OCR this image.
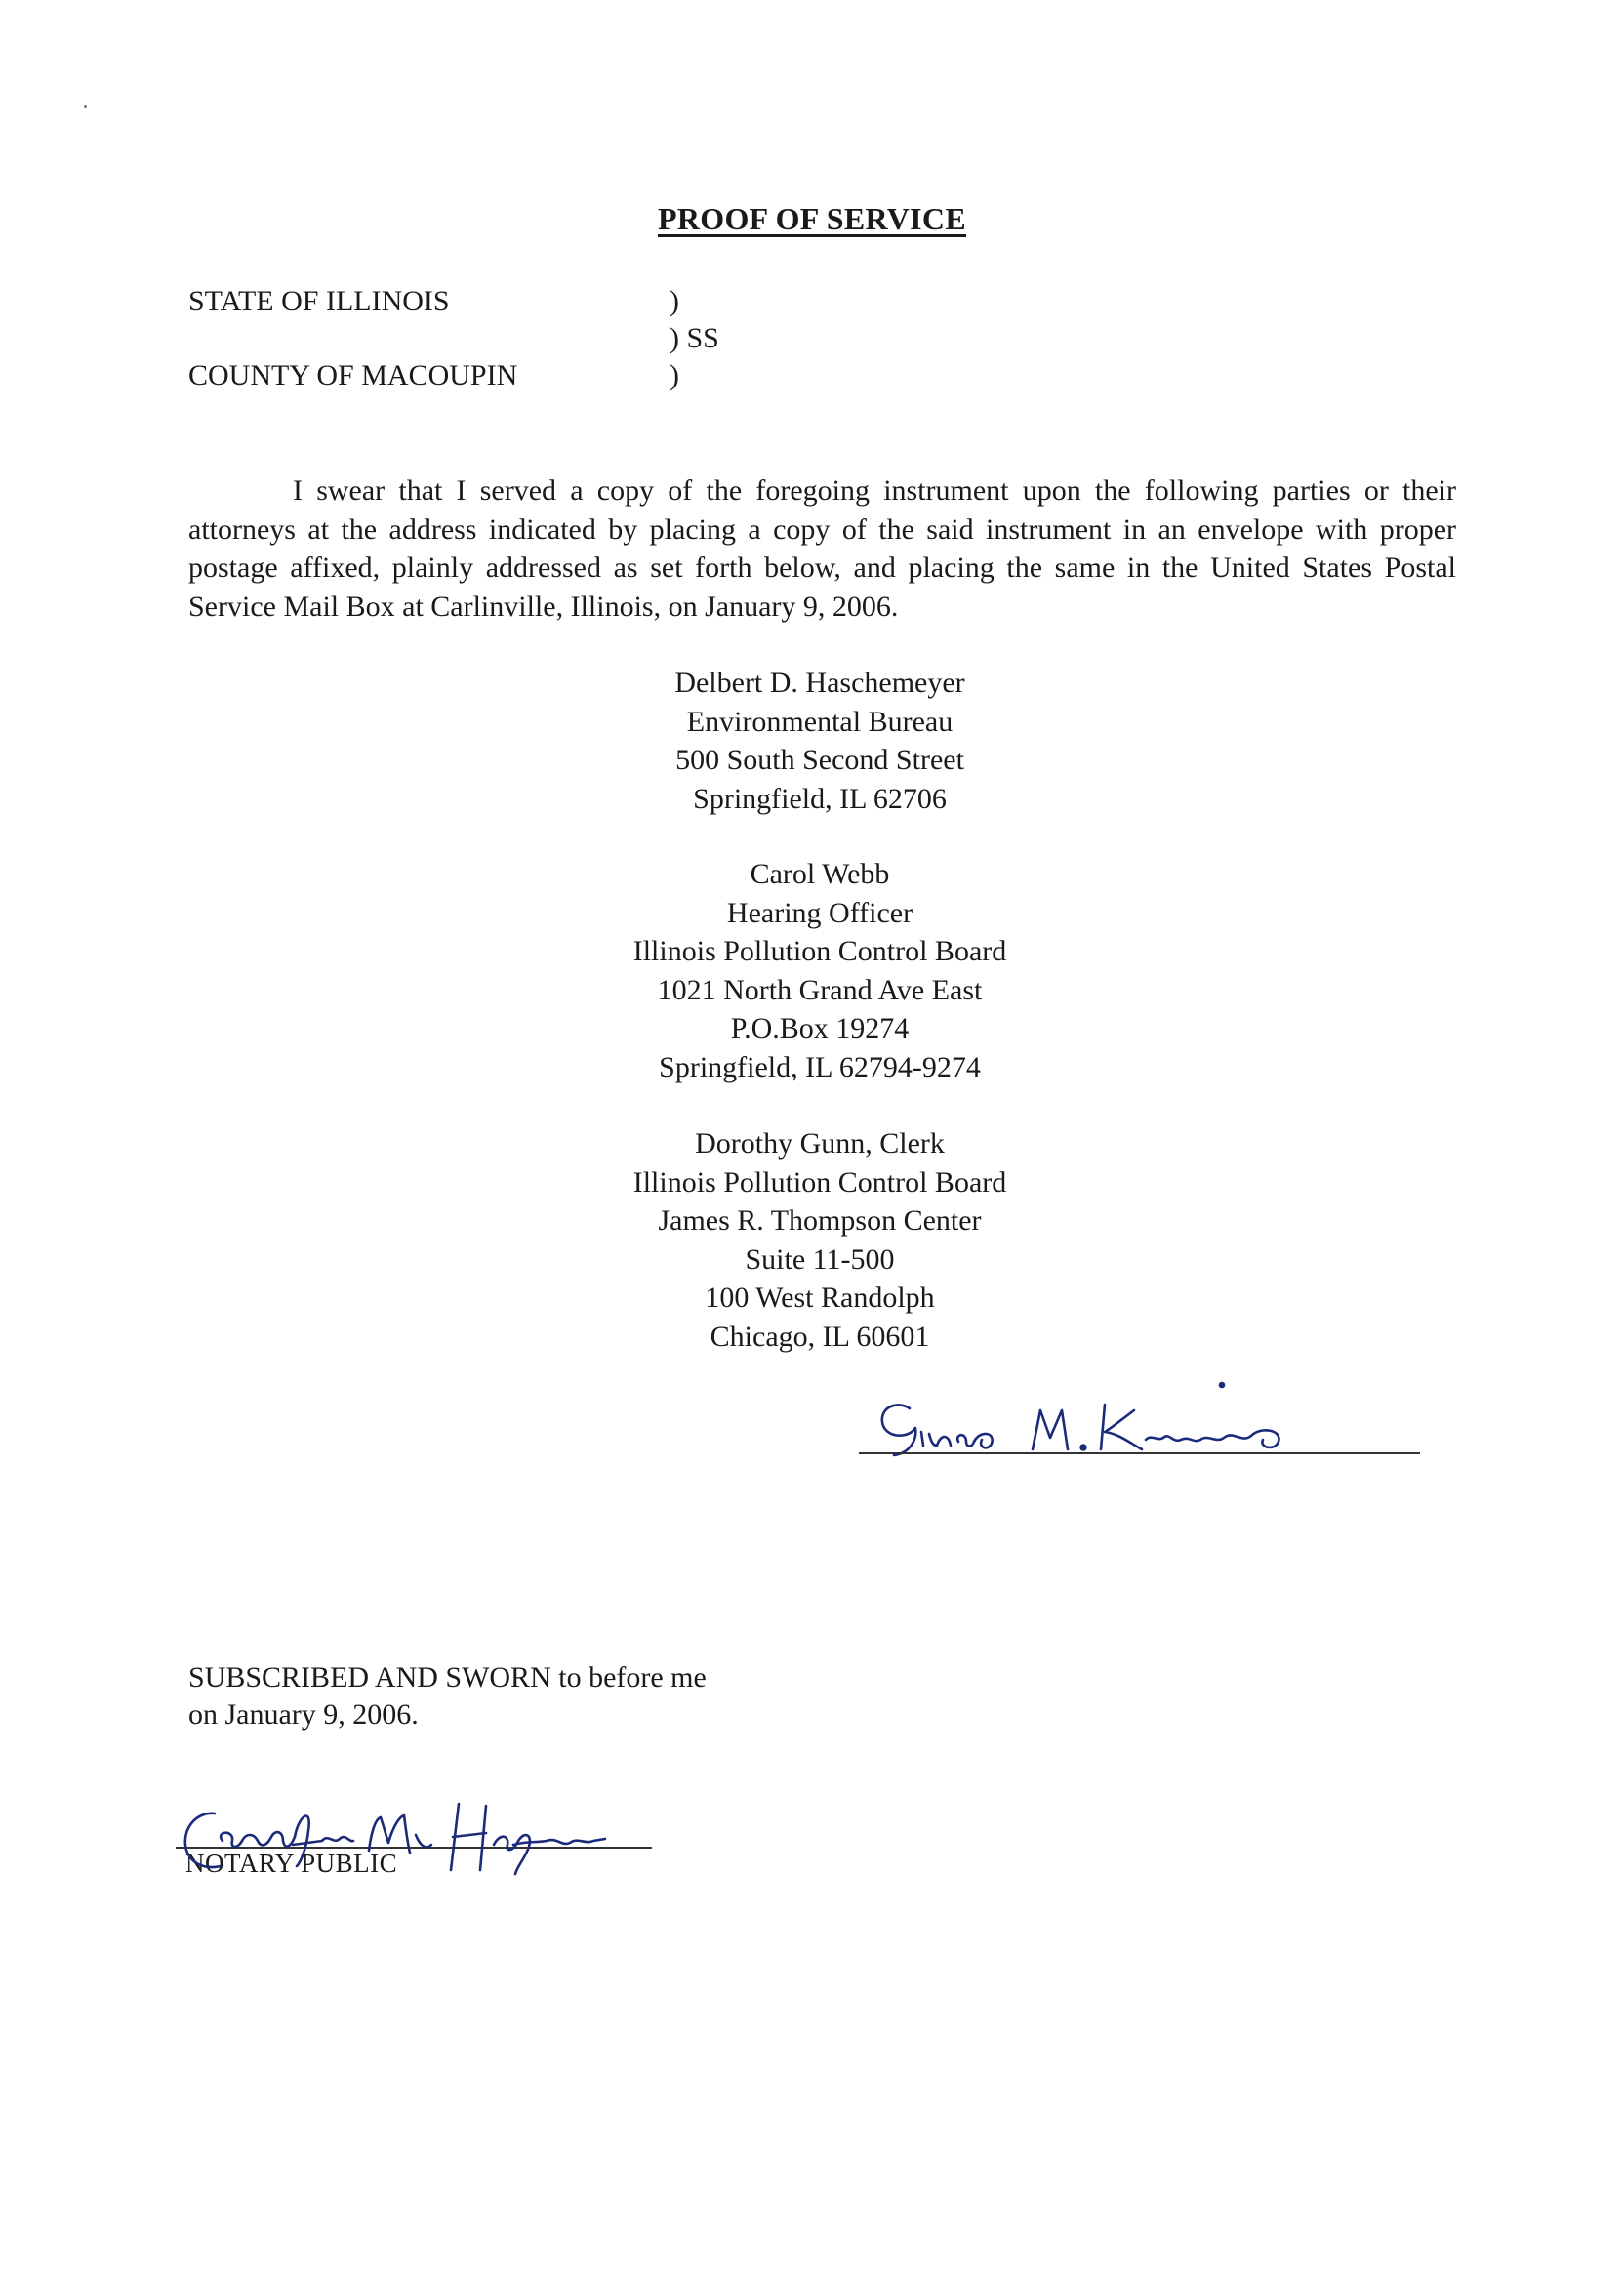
PROOF OF SERVICE
STATE OF ILLINOIS	)
) SS
COUNTY OF MACOUPIN	)
I swear that I served a copy of the foregoing instrument upon the following parties or their attorneys at the address indicated by placing a copy of the said instrument in an envelope with proper postage affixed, plainly addressed as set forth below, and placing the same in the United States Postal Service Mail Box at Carlinville, Illinois, on January 9, 2006.
Delbert D. Haschemeyer
Environmental Bureau
500 South Second Street
Springfield, IL 62706
Carol Webb
Hearing Officer
Illinois Pollution Control Board
1021 North Grand Ave East
P.O.Box 19274
Springfield, IL 62794-9274
Dorothy Gunn, Clerk
Illinois Pollution Control Board
James R. Thompson Center
Suite 11-500
100 West Randolph
Chicago, IL 60601
SUBSCRIBED AND SWORN to before me
on January 9, 2006.
NOTARY PUBLIC
